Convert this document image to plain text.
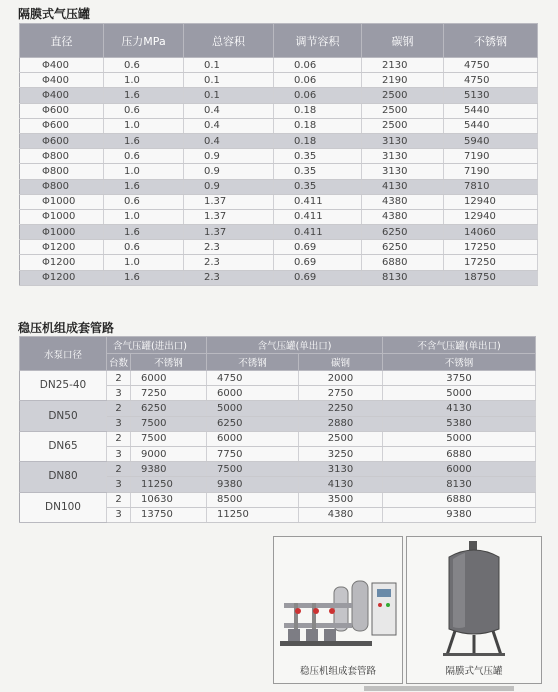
隔膜式气压罐
直径	压力MPa	总容积	调节容积	碳钢	不锈钢
Φ400	0.6	0.1	0.06	2130	4750
Φ400	1.0	0.1	0.06	2190	4750
Φ400	1.6	0.1	0.06	2500	5130
Φ600	0.6	0.4	0.18	2500	5440
Φ600	1.0	0.4	0.18	2500	5440
Φ600	1.6	0.4	0.18	3130	5940
Φ800	0.6	0.9	0.35	3130	7190
Φ800	1.0	0.9	0.35	3130	7190
Φ800	1.6	0.9	0.35	4130	7810
Φ1000	0.6	1.37	0.411	4380	12940
Φ1000	1.0	1.37	0.411	4380	12940
Φ1000	1.6	1.37	0.411	6250	14060
Φ1200	0.6	2.3	0.69	6250	17250
Φ1200	1.0	2.3	0.69	6880	17250
Φ1200	1.6	2.3	0.69	8130	18750
稳压机组成套管路
水泵口径	含气压罐(进出口)		含气压罐(单出口)		不含气压罐(单出口)
	台数	不锈钢	不锈钢	碳钢	不锈钢
DN25-40	2	6000	4750	2000	3750
	3	7250	6000	2750	5000
DN50	2	6250	5000	2250	4130
	3	7500	6250	2880	5380
DN65	2	7500	6000	2500	5000
	3	9000	7750	3250	6880
DN80	2	9380	7500	3130	6000
	3	11250	9380	4130	8130
DN100	2	10630	8500	3500	6880
	3	13750	11250	4380	9380
稳压机组成套管路	隔膜式气压罐
